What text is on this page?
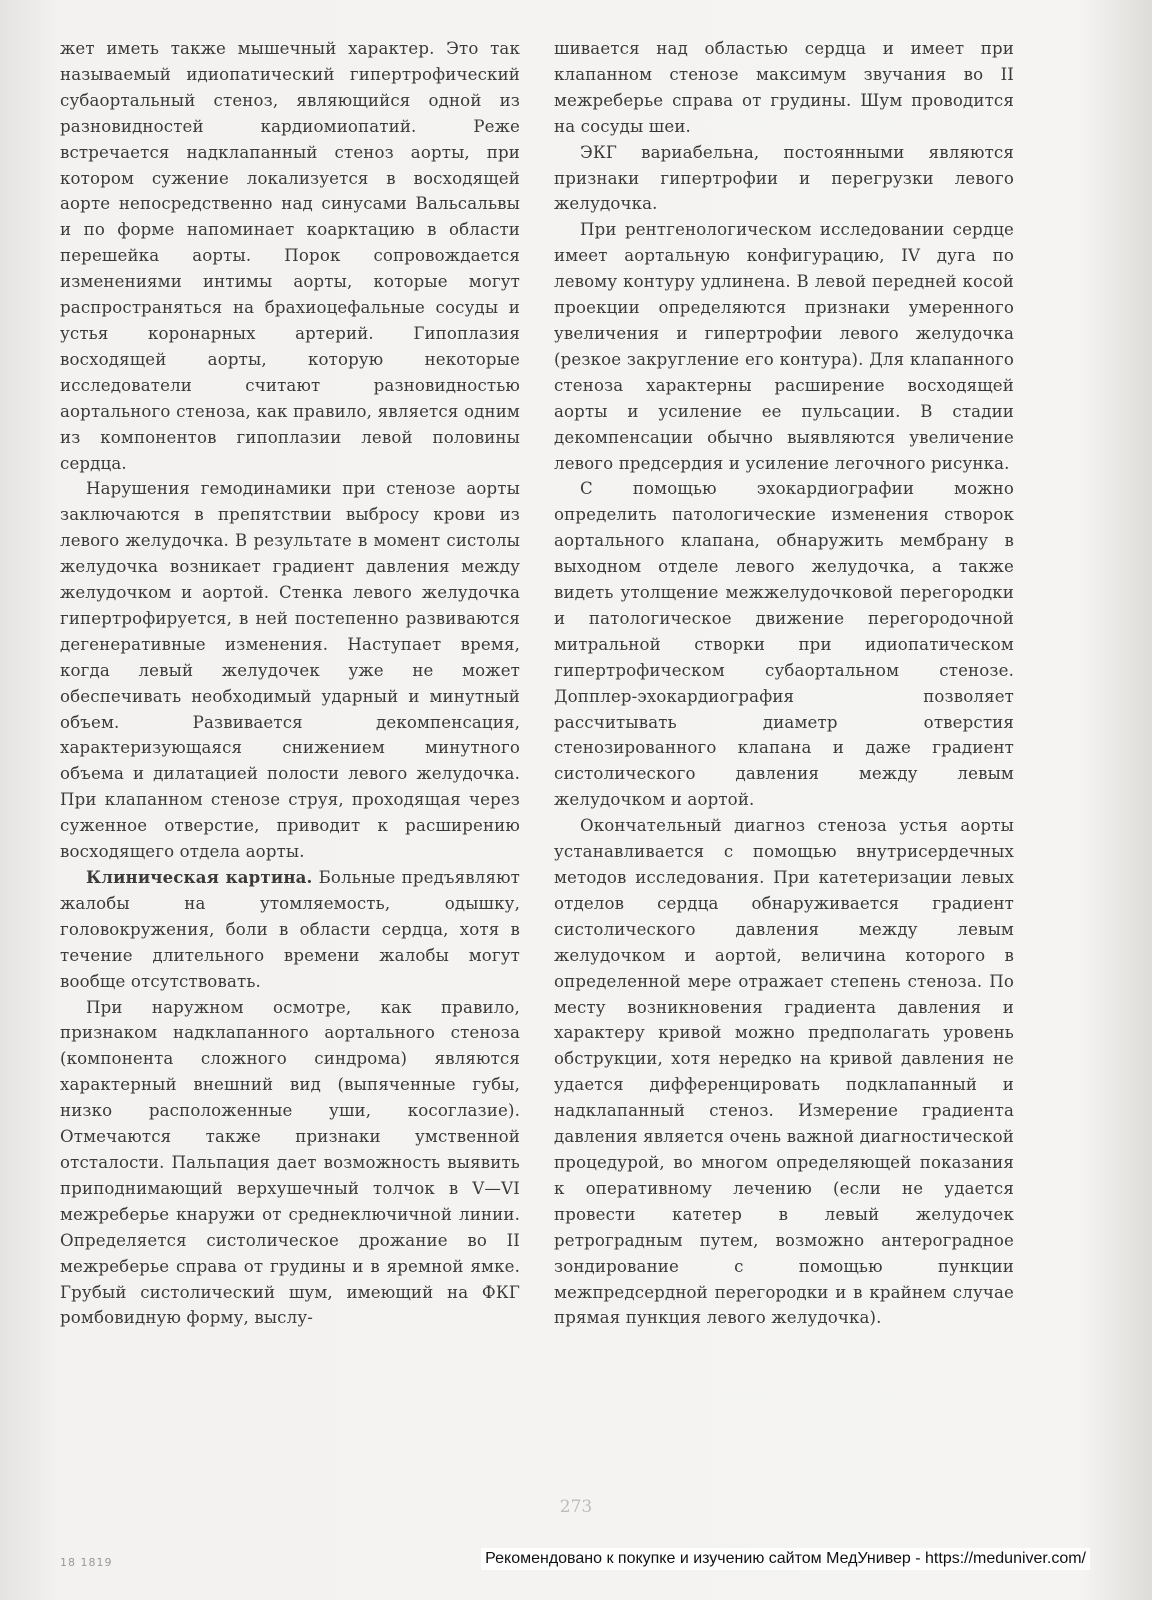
жет иметь также мышечный характер. Это так называемый идиопатический гипертрофический субаортальный стеноз, являющийся одной из разновидностей кардиомиопатий. Реже встречается надклапанный стеноз аорты, при котором сужение локализуется в восходящей аорте непосредственно над синусами Вальсальвы и по форме напоминает коарктацию в области перешейка аорты. Порок сопровождается изменениями интимы аорты, которые могут распространяться на брахиоцефальные сосуды и устья коронарных артерий. Гипоплазия восходящей аорты, которую некоторые исследователи считают разновидностью аортального стеноза, как правило, является одним из компонентов гипоплазии левой половины сердца.

Нарушения гемодинамики при стенозе аорты заключаются в препятствии выбросу крови из левого желудочка. В результате в момент систолы желудочка возникает градиент давления между желудочком и аортой. Стенка левого желудочка гипертрофируется, в ней постепенно развиваются дегенеративные изменения. Наступает время, когда левый желудочек уже не может обеспечивать необходимый ударный и минутный объем. Развивается декомпенсация, характеризующаяся снижением минутного объема и дилатацией полости левого желудочка. При клапанном стенозе струя, проходящая через суженное отверстие, приводит к расширению восходящего отдела аорты.

Клиническая картина. Больные предъявляют жалобы на утомляемость, одышку, головокружения, боли в области сердца, хотя в течение длительного времени жалобы могут вообще отсутствовать.

При наружном осмотре, как правило, признаком надклапанного аортального стеноза (компонента сложного синдрома) являются характерный внешний вид (выпяченные губы, низко расположенные уши, косоглазие). Отмечаются также признаки умственной отсталости. Пальпация дает возможность выявить приподнимающий верхушечный толчок в V—VI межреберье кнаружи от среднеключичной линии. Определяется систолическое дрожание во II межреберье справа от грудины и в яремной ямке. Грубый систолический шум, имеющий на ФКГ ромбовидную форму, выслу-

шивается над областью сердца и имеет при клапанном стенозе максимум звучания во II межреберье справа от грудины. Шум проводится на сосуды шеи.

ЭКГ вариабельна, постоянными являются признаки гипертрофии и перегрузки левого желудочка.

При рентгенологическом исследовании сердце имеет аортальную конфигурацию, IV дуга по левому контуру удлинена. В левой передней косой проекции определяются признаки умеренного увеличения и гипертрофии левого желудочка (резкое закругление его контура). Для клапанного стеноза характерны расширение восходящей аорты и усиление ее пульсации. В стадии декомпенсации обычно выявляются увеличение левого предсердия и усиление легочного рисунка.

С помощью эхокардиографии можно определить патологические изменения створок аортального клапана, обнаружить мембрану в выходном отделе левого желудочка, а также видеть утолщение межжелудочковой перегородки и патологическое движение перегородочной митральной створки при идиопатическом гипертрофическом субаортальном стенозе. Допплер-эхокардиография позволяет рассчитывать диаметр отверстия стенозированного клапана и даже градиент систолического давления между левым желудочком и аортой.

Окончательный диагноз стеноза устья аорты устанавливается с помощью внутрисердечных методов исследования. При катетеризации левых отделов сердца обнаруживается градиент систолического давления между левым желудочком и аортой, величина которого в определенной мере отражает степень стеноза. По месту возникновения градиента давления и характеру кривой можно предполагать уровень обструкции, хотя нередко на кривой давления не удается дифференцировать подклапанный и надклапанный стеноз. Измерение градиента давления является очень важной диагностической процедурой, во многом определяющей показания к оперативному лечению (если не удается провести катетер в левый желудочек ретроградным путем, возможно антероградное зондирование с помощью пункции межпредсердной перегородки и в крайнем случае прямая пункция левого желудочка).

273
18 1819	Рекомендовано к покупке и изучению сайтом МедУнивер - https://meduniver.com/
